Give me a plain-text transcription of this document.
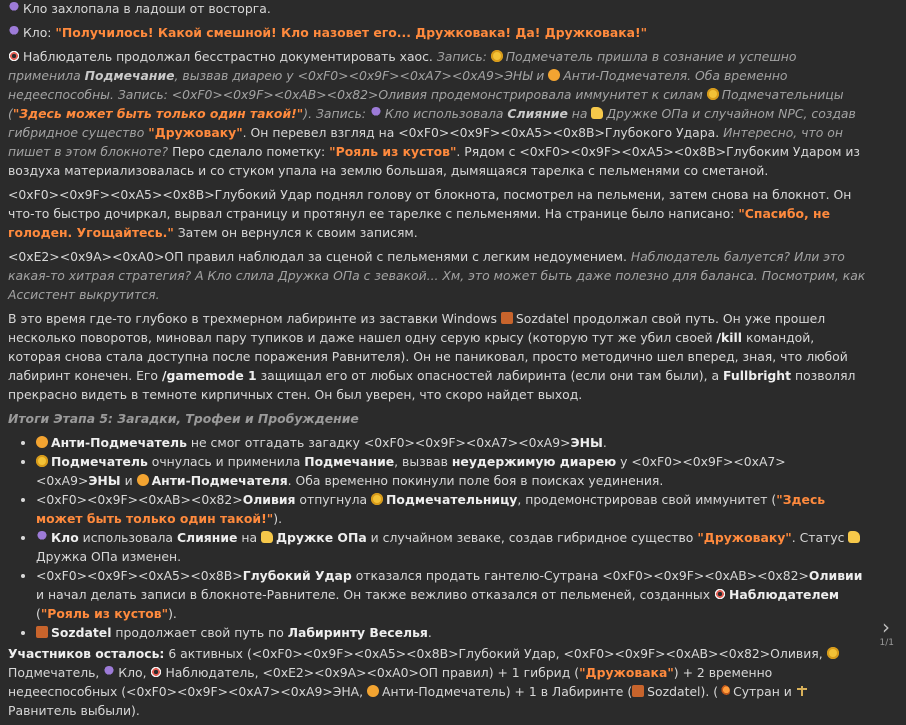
Кло захлопала в ладоши от восторга.

Кло: "Получилось! Какой смешной! Кло назовет его... Дружковака! Да! Дружковака!"

Наблюдатель продолжал бесстрастно документировать хаос. Запись: Подмечатель пришла в сознание и успешно применила Подмечание, вызвав диарею у <0xF0><0x9F><0xA7><0xA9>ЭНЫ и Анти-Подмечателя. Оба временно недееспособны. Запись: <0xF0><0x9F><0xAB><0x82>Оливия продемонстрировала иммунитет к силам Подмечательницы ("Здесь может быть только один такой!"). Запись: Кло использовала Слияние на Дружке ОПа и случайном NPC, создав гибридное существо "Дружоваку". Он перевел взгляд на <0xF0><0x9F><0xA5><0x8B>Глубокого Удара. Интересно, что он пишет в этом блокноте? Перо сделало пометку: "Рояль из кустов". Рядом с <0xF0><0x9F><0xA5><0x8B>Глубоким Ударом из воздуха материализовалась и со стуком упала на землю большая, дымящаяся тарелка с пельменями со сметаной.

<0xF0><0x9F><0xA5><0x8B>Глубокий Удар поднял голову от блокнота, посмотрел на пельмени, затем снова на блокнот. Он что-то быстро дочиркал, вырвал страницу и протянул ее тарелке с пельменями. На странице было написано: "Спасибо, не голоден. Угощайтесь." Затем он вернулся к своим записям.

<0xE2><0x9A><0xA0>ОП правил наблюдал за сценой с пельменями с легким недоумением. Наблюдатель балуется? Или это какая-то хитрая стратегия? А Кло слила Дружка ОПа с зевакой... Хм, это может быть даже полезно для баланса. Посмотрим, как Ассистент выкрутится.

В это время где-то глубоко в трехмерном лабиринте из заставки Windows Sozdatel продолжал свой путь. Он уже прошел несколько поворотов, миновал пару тупиков и даже нашел одну серую крысу (которую тут же убил своей /kill командой, которая снова стала доступна после поражения Равнителя). Он не паниковал, просто методично шел вперед, зная, что любой лабиринт конечен. Его /gamemode 1 защищал его от любых опасностей лабиринта (если они там были), а Fullbright позволял прекрасно видеть в темноте кирпичных стен. Он был уверен, что скоро найдет выход.

Итоги Этапа 5: Загадки, Трофеи и Пробуждение

• Анти-Подмечатель не смог отгадать загадку <0xF0><0x9F><0xA7><0xA9>ЭНЫ.
• Подмечатель очнулась и применила Подмечание, вызвав неудержимую диарею у <0xF0><0x9F><0xA7><0xA9>ЭНЫ и Анти-Подмечателя. Оба временно покинули поле боя в поисках уединения.
• <0xF0><0x9F><0xAB><0x82>Оливия отпугнула Подмечательницу, продемонстрировав свой иммунитет ("Здесь может быть только один такой!").
• Кло использовала Слияние на Дружке ОПа и случайном зеваке, создав гибридное существо "Дружоваку". Статус Дружка ОПа изменен.
• <0xF0><0x9F><0xA5><0x8B>Глубокий Удар отказался продать гантелю-Сутрана <0xF0><0x9F><0xAB><0x82>Оливии и начал делать записи в блокноте-Равнителе. Он также вежливо отказался от пельменей, созданных Наблюдателем ("Рояль из кустов").
• Sozdatel продолжает свой путь по Лабиринту Веселья.

Участников осталось: 6 активных (<0xF0><0x9F><0xA5><0x8B>Глубокий Удар, <0xF0><0x9F><0xAB><0x82>Оливия, Подмечатель, Кло, Наблюдатель, <0xE2><0x9A><0xA0>ОП правил) + 1 гибрид ("Дружовака") + 2 временно недееспособных (<0xF0><0x9F><0xA7><0xA9>ЭНА, Анти-Подмечатель) + 1 в Лабиринте ( Sozdatel). ( Сутран и Равнитель выбыли).

›
1/1
